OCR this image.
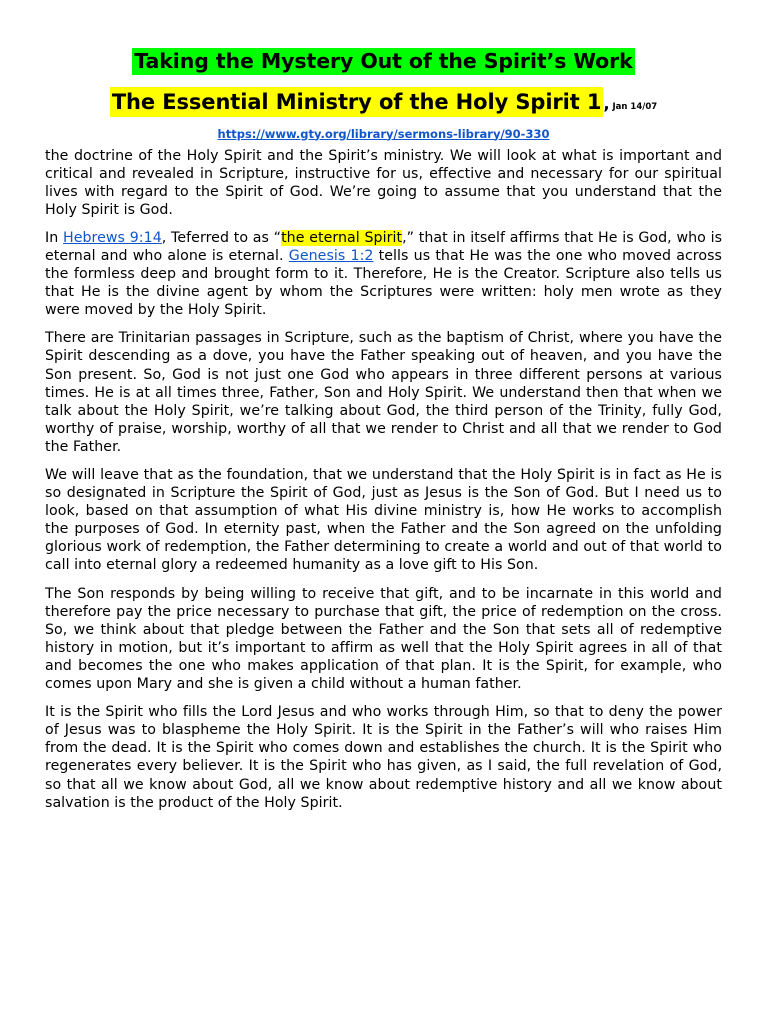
Taking the Mystery Out of the Spirit’s Work
The Essential Ministry of the Holy Spirit 1 , Jan 14/07
https://www.gty.org/library/sermons-library/90-330

the doctrine of the Holy Spirit and the Spirit’s ministry. We will look at what is important and critical and revealed in Scripture, instructive for us, effective and necessary for our spiritual lives with regard to the Spirit of God. We’re going to assume that you understand that the Holy Spirit is God.

In Hebrews 9:14, Teferred to as “the eternal Spirit,” that in itself affirms that He is God, who is eternal and who alone is eternal. Genesis 1:2 tells us that He was the one who moved across the formless deep and brought form to it. Therefore, He is the Creator. Scripture also tells us that He is the divine agent by whom the Scriptures were written: holy men wrote as they were moved by the Holy Spirit.

There are Trinitarian passages in Scripture, such as the baptism of Christ, where you have the Spirit descending as a dove, you have the Father speaking out of heaven, and you have the Son present. So, God is not just one God who appears in three different persons at various times. He is at all times three, Father, Son and Holy Spirit. We understand then that when we talk about the Holy Spirit, we’re talking about God, the third person of the Trinity, fully God, worthy of praise, worship, worthy of all that we render to Christ and all that we render to God the Father.

We will leave that as the foundation, that we understand that the Holy Spirit is in fact as He is so designated in Scripture the Spirit of God, just as Jesus is the Son of God. But I need us to look, based on that assumption of what His divine ministry is, how He works to accomplish the purposes of God. In eternity past, when the Father and the Son agreed on the unfolding glorious work of redemption, the Father determining to create a world and out of that world to call into eternal glory a redeemed humanity as a love gift to His Son.

The Son responds by being willing to receive that gift, and to be incarnate in this world and therefore pay the price necessary to purchase that gift, the price of redemption on the cross. So, we think about that pledge between the Father and the Son that sets all of redemptive history in motion, but it’s important to affirm as well that the Holy Spirit agrees in all of that and becomes the one who makes application of that plan. It is the Spirit, for example, who comes upon Mary and she is given a child without a human father.

It is the Spirit who fills the Lord Jesus and who works through Him, so that to deny the power of Jesus was to blaspheme the Holy Spirit. It is the Spirit in the Father’s will who raises Him from the dead. It is the Spirit who comes down and establishes the church. It is the Spirit who regenerates every believer. It is the Spirit who has given, as I said, the full revelation of God, so that all we know about God, all we know about redemptive history and all we know about salvation is the product of the Holy Spirit.
